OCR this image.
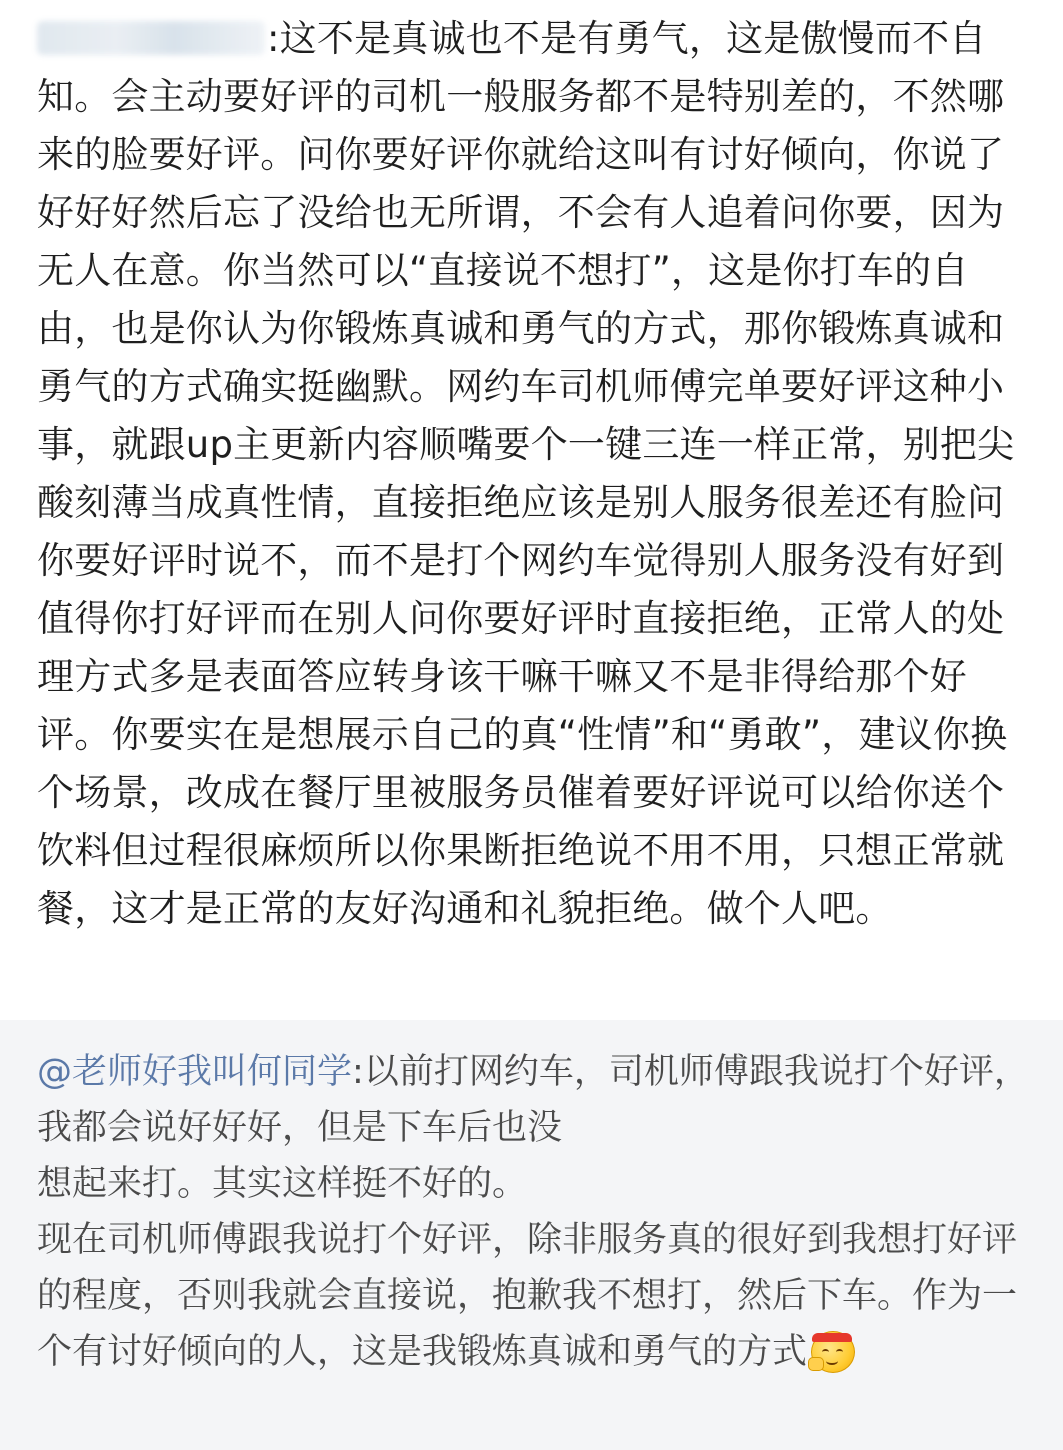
:这不是真诚也不是有勇气，这是傲慢而不自知。会主动要好评的司机一般服务都不是特别差的，不然哪来的脸要好评。问你要好评你就给这叫有讨好倾向，你说了好好好然后忘了没给也无所谓，不会有人追着问你要，因为无人在意。你当然可以“直接说不想打”，这是你打车的自由，也是你认为你锻炼真诚和勇气的方式，那你锻炼真诚和勇气的方式确实挺幽默。网约车司机师傅完单要好评这种小事，就跟up主更新内容顺嘴要个一键三连一样正常，别把尖酸刻薄当成真性情，直接拒绝应该是别人服务很差还有脸问你要好评时说不，而不是打个网约车觉得别人服务没有好到值得你打好评而在别人问你要好评时直接拒绝，正常人的处理方式多是表面答应转身该干嘛干嘛又不是非得给那个好评。你要实在是想展示自己的真“性情”和“勇敢”，建议你换个场景，改成在餐厅里被服务员催着要好评说可以给你送个饮料但过程很麻烦所以你果断拒绝说不用不用，只想正常就餐，这才是正常的友好沟通和礼貌拒绝。做个人吧。
@老师好我叫何同学:以前打网约车，司机师傅跟我说打个好评，我都会说好好好，但是下车后也没
想起来打。其实这样挺不好的。
现在司机师傅跟我说打个好评，除非服务真的很好到我想打好评的程度，否则我就会直接说，抱歉我不想打，然后下车。作为一个有讨好倾向的人，这是我锻炼真诚和勇气的方式
